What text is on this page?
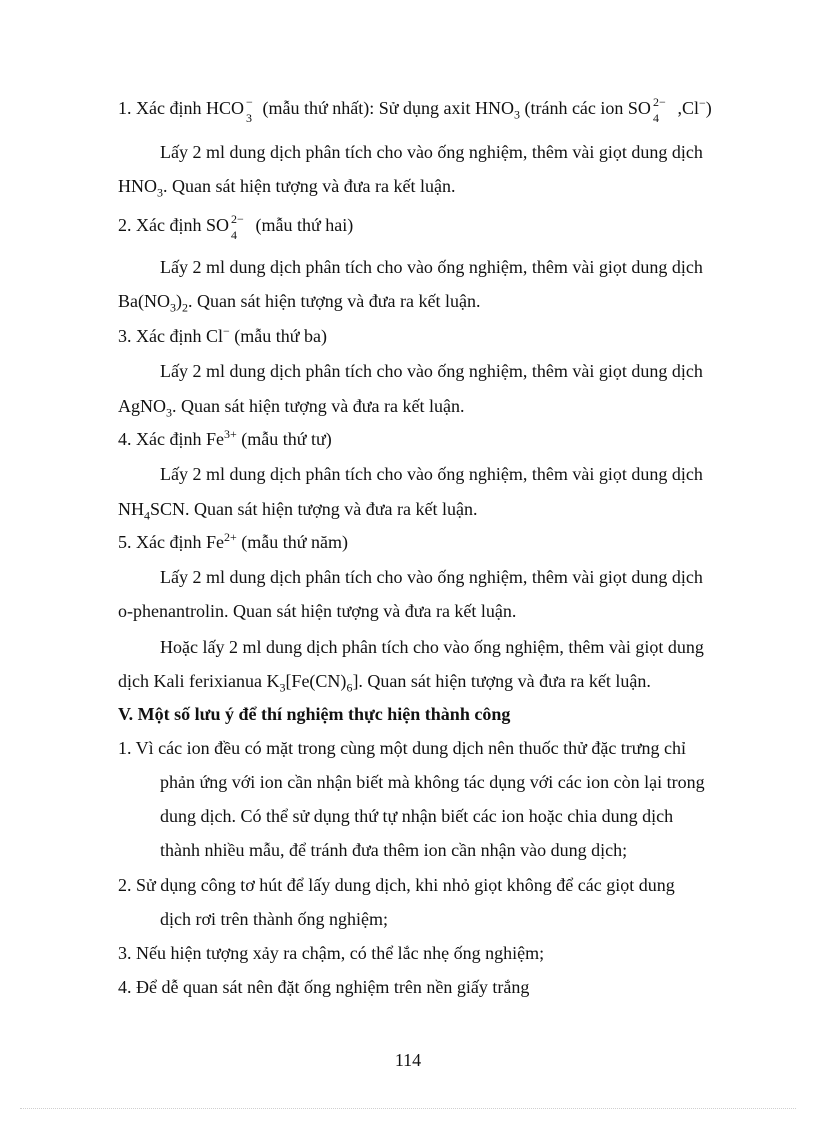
1. Xác định HCO −
3 (mẫu thứ nhất): Sử dụng axit $HNO_3$ (tránh các ion SO 2−
4 ,Cl−)
Lấy 2 ml dung dịch phân tích cho vào ống nghiệm, thêm vài giọt dung dịch
$HNO_3$. Quan sát hiện tượng và đưa ra kết luận.
2. Xác định SO 2−
4 (mẫu thứ hai)
Lấy 2 ml dung dịch phân tích cho vào ống nghiệm, thêm vài giọt dung dịch
$Ba(NO_3)_2$. Quan sát hiện tượng và đưa ra kết luận.
3. Xác định Cl− (mẫu thứ ba)
Lấy 2 ml dung dịch phân tích cho vào ống nghiệm, thêm vài giọt dung dịch
AgNO$_3$. Quan sát hiện tượng và đưa ra kết luận.
4. Xác định $Fe^{3+}$ (mẫu thứ tư)
Lấy 2 ml dung dịch phân tích cho vào ống nghiệm, thêm vài giọt dung dịch
$NH_4SCN$. Quan sát hiện tượng và đưa ra kết luận.
5. Xác định $Fe^{2+}$ (mẫu thứ năm)
Lấy 2 ml dung dịch phân tích cho vào ống nghiệm, thêm vài giọt dung dịch
o-phenantrolin. Quan sát hiện tượng và đưa ra kết luận.
Hoặc lấy 2 ml dung dịch phân tích cho vào ống nghiệm, thêm vài giọt dung
dịch Kali ferixianua $K_3[Fe(CN)_6]$. Quan sát hiện tượng và đưa ra kết luận.
V. Một số lưu ý để thí nghiệm thực hiện thành công
1. Vì các ion đều có mặt trong cùng một dung dịch nên thuốc thử đặc trưng chỉ
phản ứng với ion cần nhận biết mà không tác dụng với các ion còn lại trong
dung dịch. Có thể sử dụng thứ tự nhận biết các ion hoặc chia dung dịch
thành nhiều mẫu, để tránh đưa thêm ion cần nhận vào dung dịch;
2. Sử dụng công tơ hút để lấy dung dịch, khi nhỏ giọt không để các giọt dung
dịch rơi trên thành ống nghiệm;
3. Nếu hiện tượng xảy ra chậm, có thể lắc nhẹ ống nghiệm;
4. Để dễ quan sát nên đặt ống nghiệm trên nền giấy trắng
114
